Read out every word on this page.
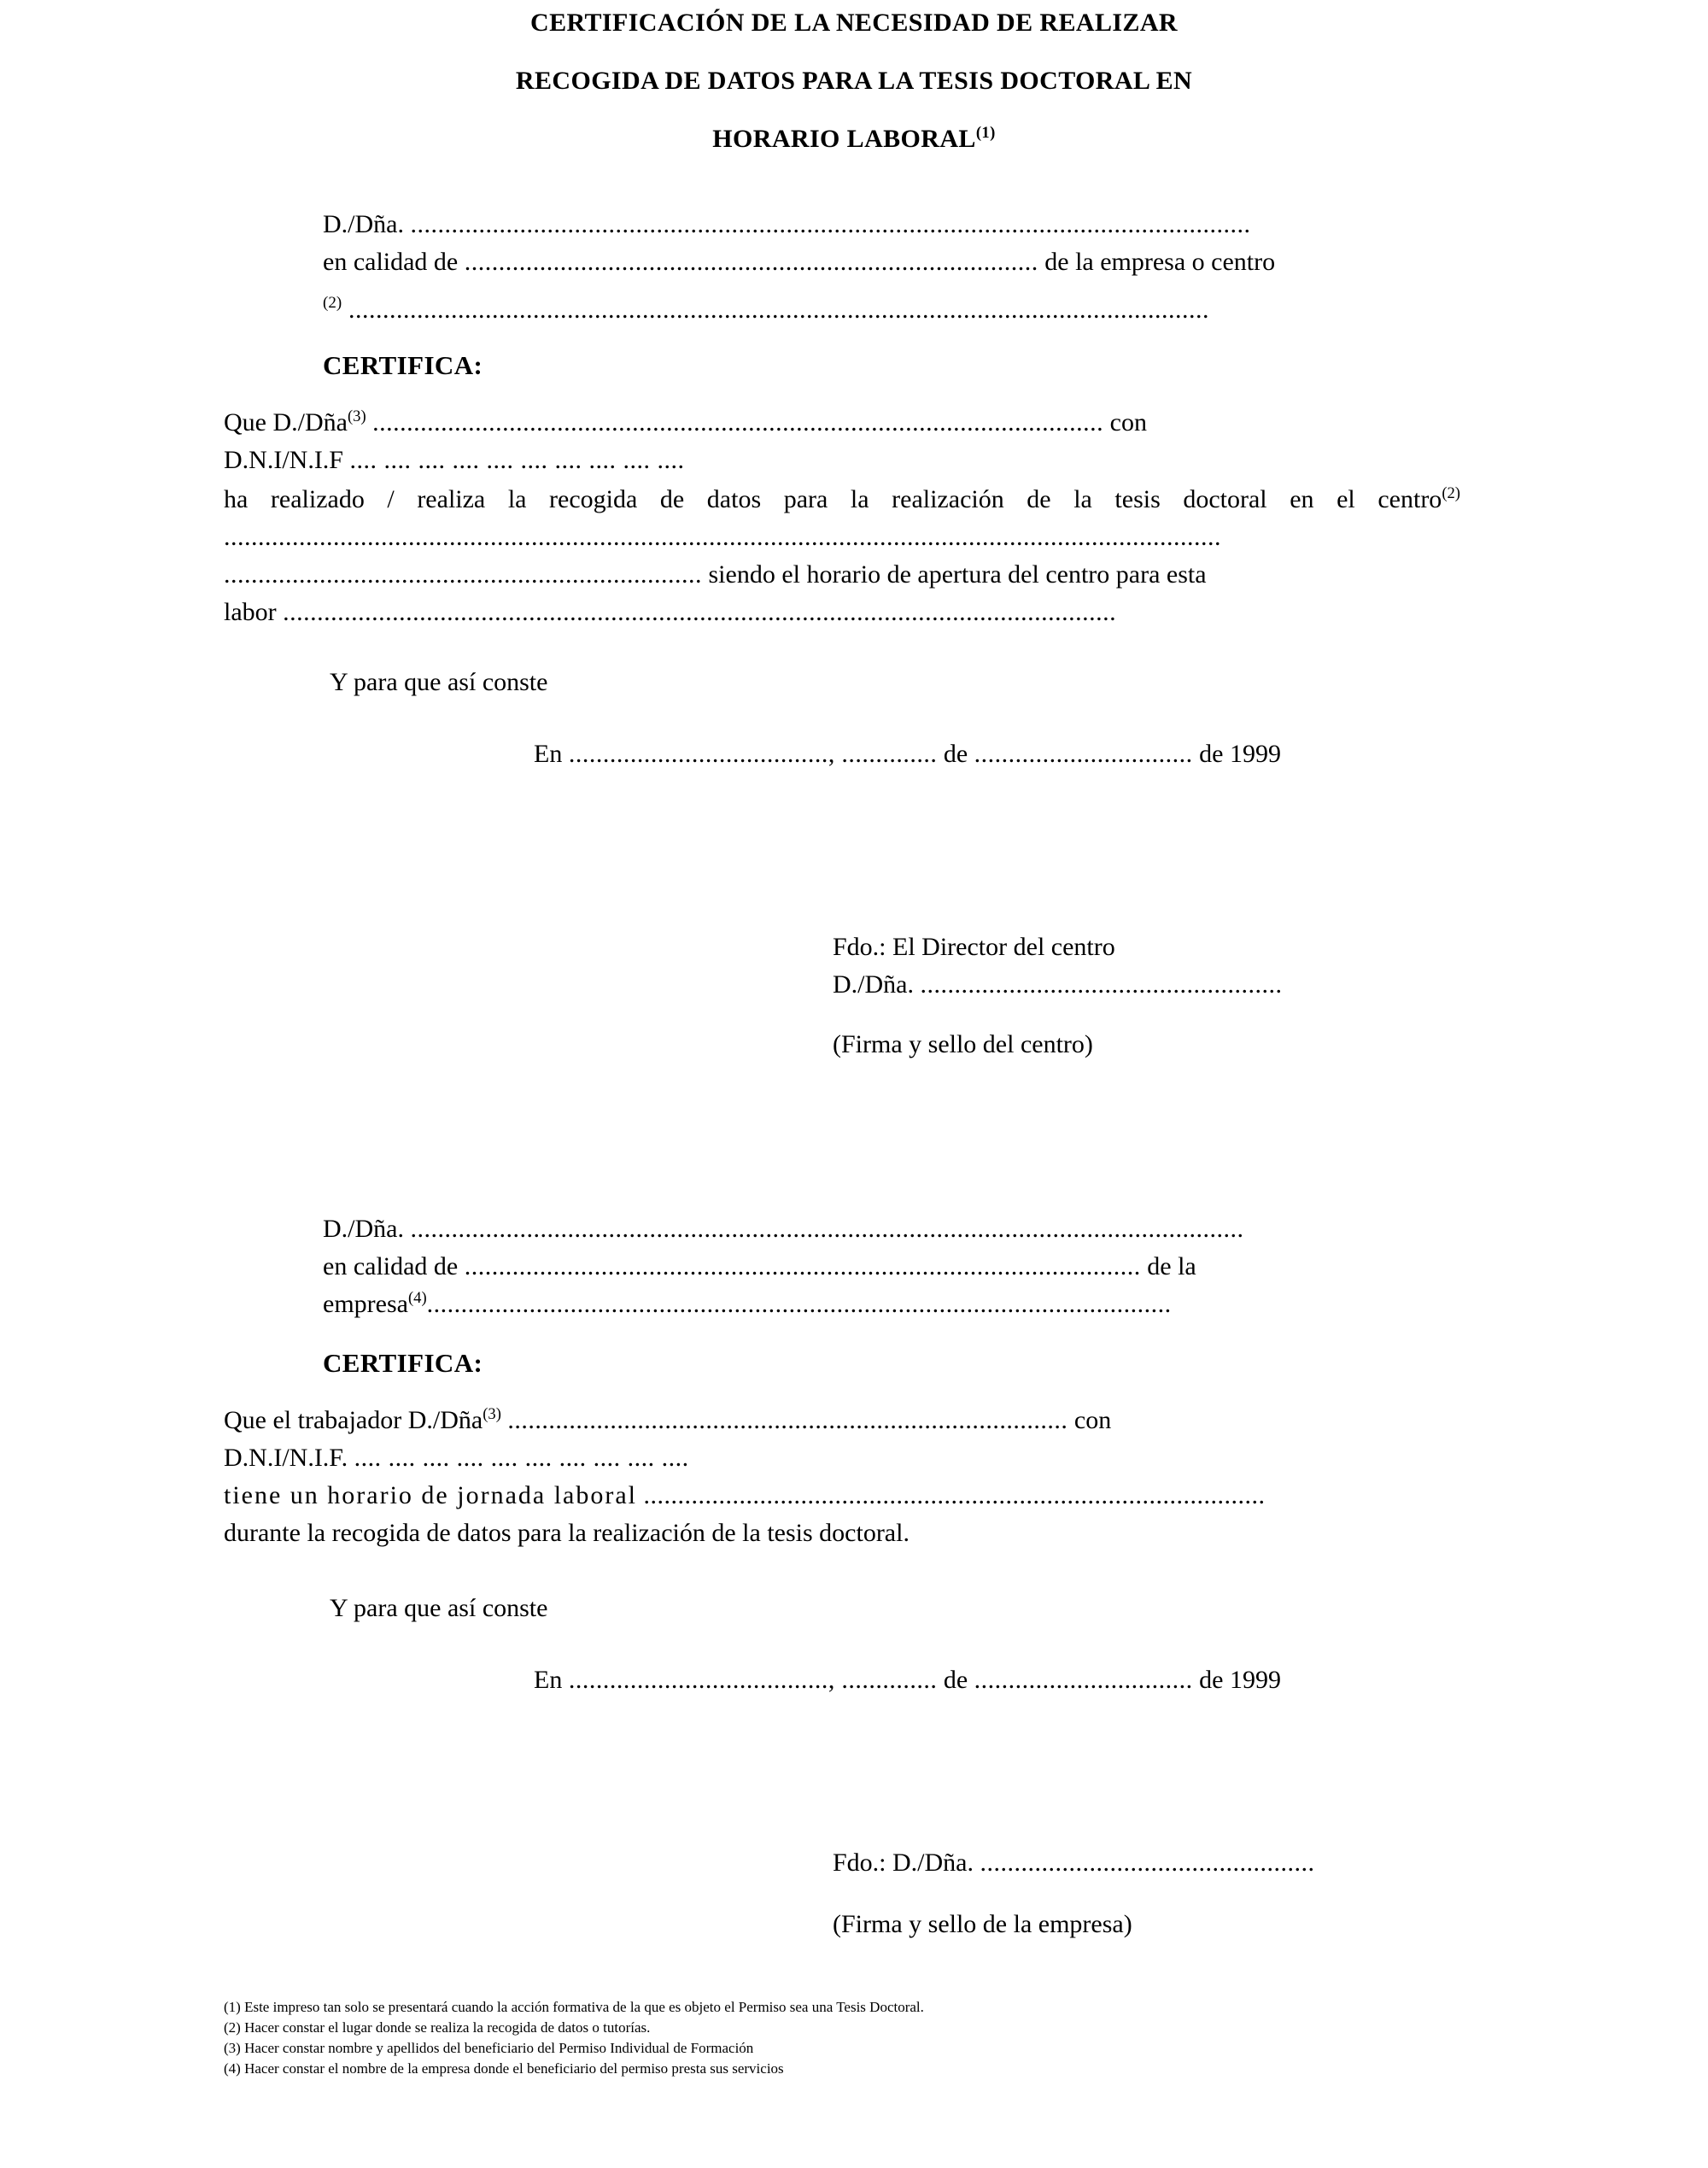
CERTIFICACIÓN DE LA NECESIDAD DE REALIZAR
RECOGIDA DE DATOS PARA LA TESIS DOCTORAL EN
HORARIO LABORAL$^{(1)}$
D./Dña. ...........................................................................................................................
en calidad de .................................................................................... de la empresa o centro
(2) ..............................................................................................................................
CERTIFICA:
Que D./Dña$^{(3)}$ ........................................................................................................... con
D.N.I/N.I.F .... .... .... .... .... .... .... .... .... ....
ha realizado / realiza la recogida de datos para la realización de la tesis doctoral en el centro$^{(2)}$
..................................................................................................................................................
...................................................................... siendo el horario de apertura del centro para esta
labor ..........................................................................................................................
Y para que así conste
En ......................................, .............. de ................................ de 1999
Fdo.: El Director del centro
D./Dña. .....................................................
(Firma y sello del centro)
D./Dña. ..........................................................................................................................
en calidad de ................................................................................................... de la
empresa$^{(4)}$.............................................................................................................
CERTIFICA:
Que el trabajador D./Dña$^{(3)}$ .................................................................................. con
D.N.I/N.I.F. .... .... .... .... .... .... .... .... .... ....
tiene un horario de jornada laboral ...........................................................................................
durante la recogida de datos para la realización de la tesis doctoral.
Y para que así conste
En ......................................, .............. de ................................ de 1999
Fdo.: D./Dña. .................................................
(Firma y sello de la empresa)
(1) Este impreso tan solo se presentará cuando la acción formativa de la que es objeto el Permiso sea una Tesis Doctoral.
(2) Hacer constar el lugar donde se realiza la recogida de datos o tutorías.
(3) Hacer constar nombre y apellidos del beneficiario del Permiso Individual de Formación
(4) Hacer constar el nombre de la empresa donde el beneficiario del permiso presta sus servicios
